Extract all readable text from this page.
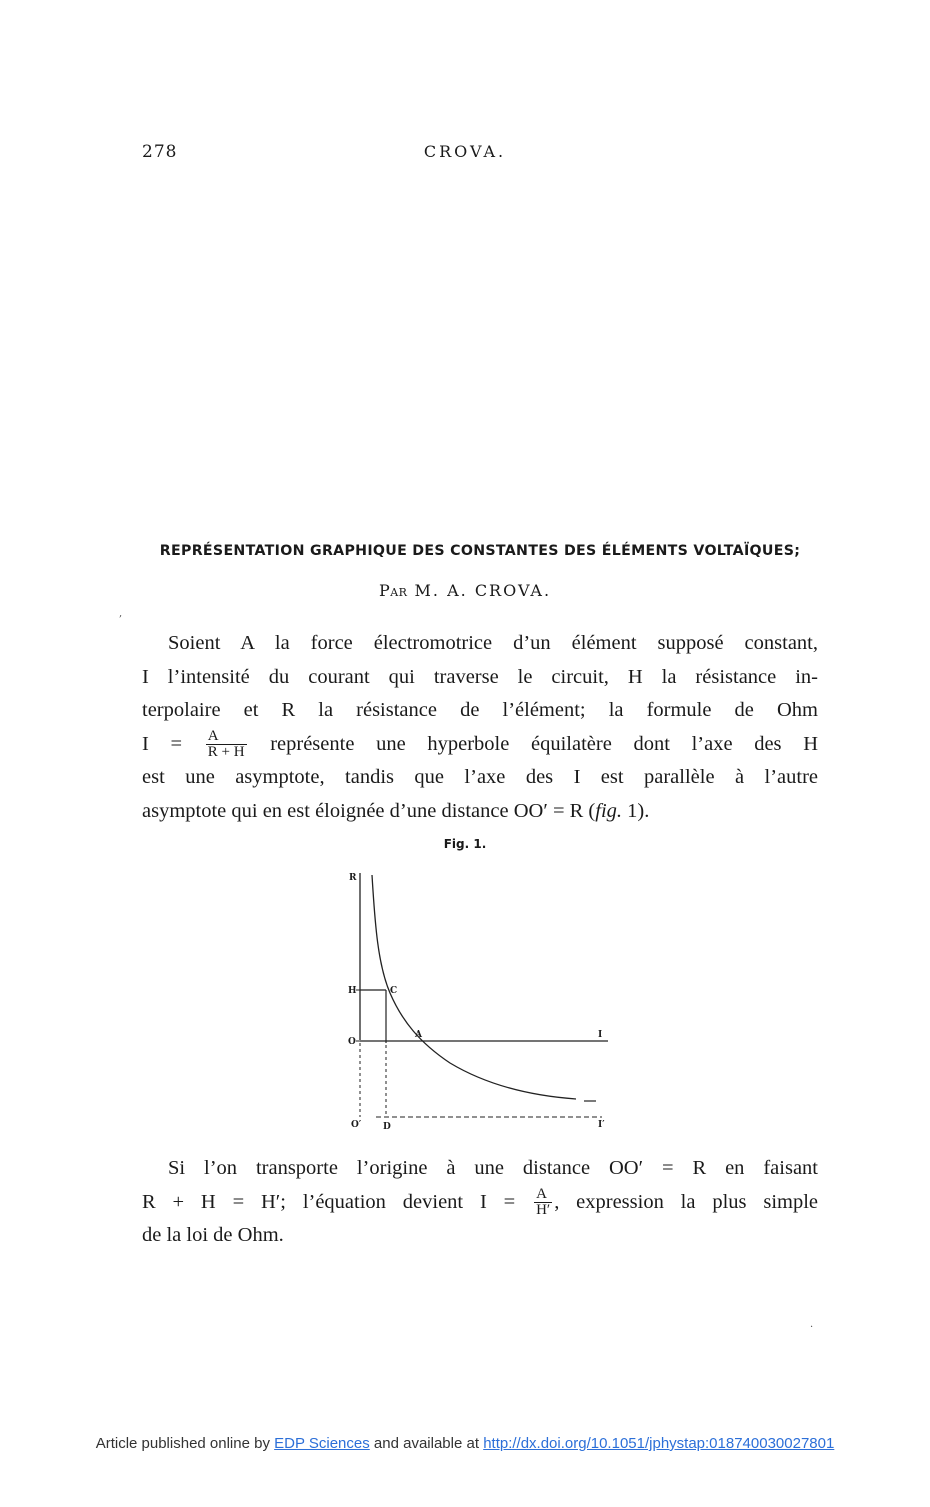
278	CROVA.
REPRÉSENTATION GRAPHIQUE DES CONSTANTES DES ÉLÉMENTS VOLTAÏQUES;
Par M. A. CROVA.
,
Soient A la force électromotrice d’un élément supposé constant,
I l’intensité du courant qui traverse le circuit, H la résistance in-
terpolaire et R la résistance de l’élément; la formule de Ohm
$I = \frac{A}{R + H}$ représente une hyperbole équilatère dont l’axe des H
est une asymptote, tandis que l’axe des I est parallèle à l’autre
asymptote qui en est éloignée d’une distance OO′ = R (fig. 1).
Fig. 1.
R
H	C
O
A	I
O′ D	I′
Si l’on transporte l’origine à une distance OO′ = R en faisant
R + H = H′; l’équation devient $I = \frac{A}{H'}$ , expression la plus simple
de la loi de Ohm.
·
Article published online by EDP Sciences and available at http://dx.doi.org/10.1051/jphystap:018740030027801
